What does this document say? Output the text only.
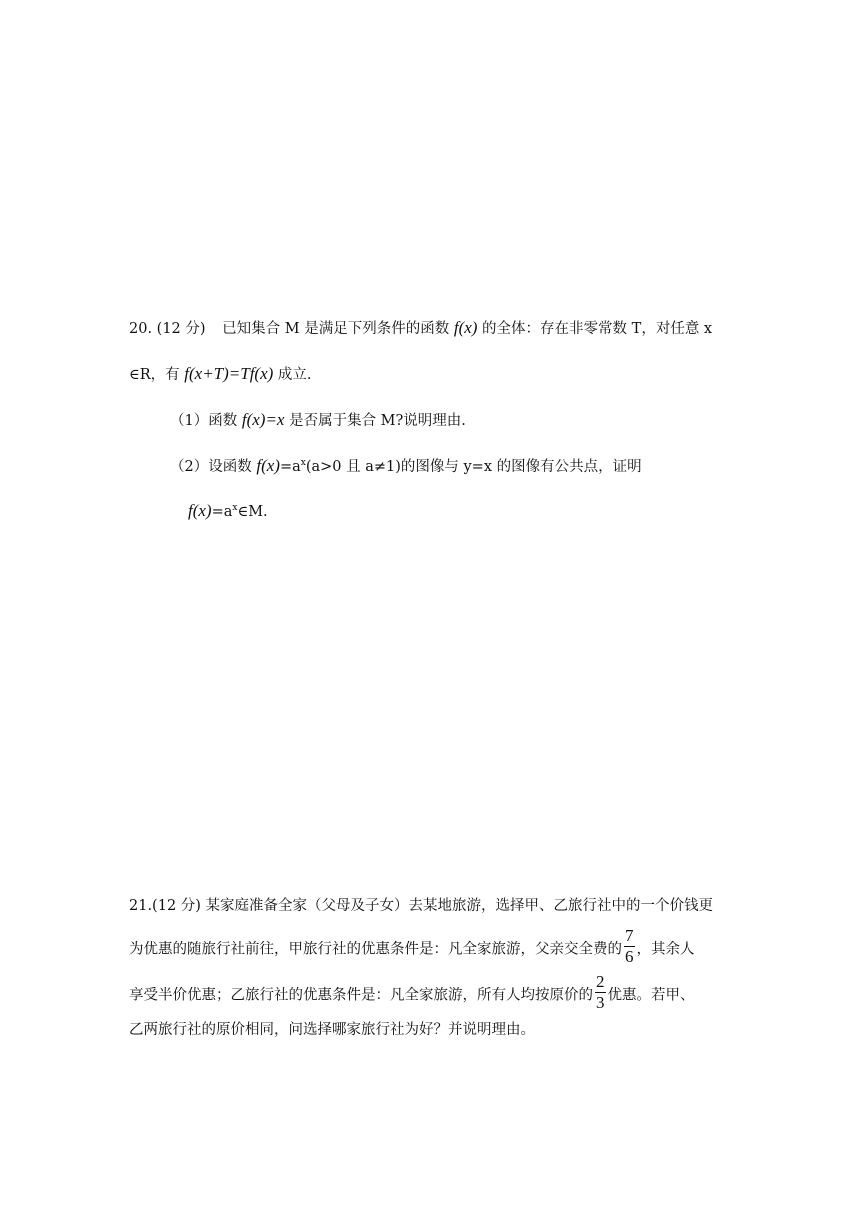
20. (12 分) 已知集合 M 是满足下列条件的函数 f(x) 的全体：存在非零常数 T，对任意 x
∈R，有 f(x+T)=Tf(x) 成立.
（1）函数 f(x)=x 是否属于集合 M?说明理由.
（2）设函数 $f(x)=a^x(a>0$ 且 a≠1)的图像与 y=x 的图像有公共点，证明
$f(x)=a^x\in M$.
21.(12 分) 某家庭准备全家（父母及子女）去某地旅游，选择甲、乙旅行社中的一个价钱更
为优惠的随旅行社前往，甲旅行社的优惠条件是：凡全家旅游，父亲交全费的 $\frac{7}{6}$ ，其余人
享受半价优惠；乙旅行社的优惠条件是：凡全家旅游，所有人均按原价的 $\frac{2}{3}$ 优惠。若甲、
乙两旅行社的原价相同，问选择哪家旅行社为好？并说明理由。
